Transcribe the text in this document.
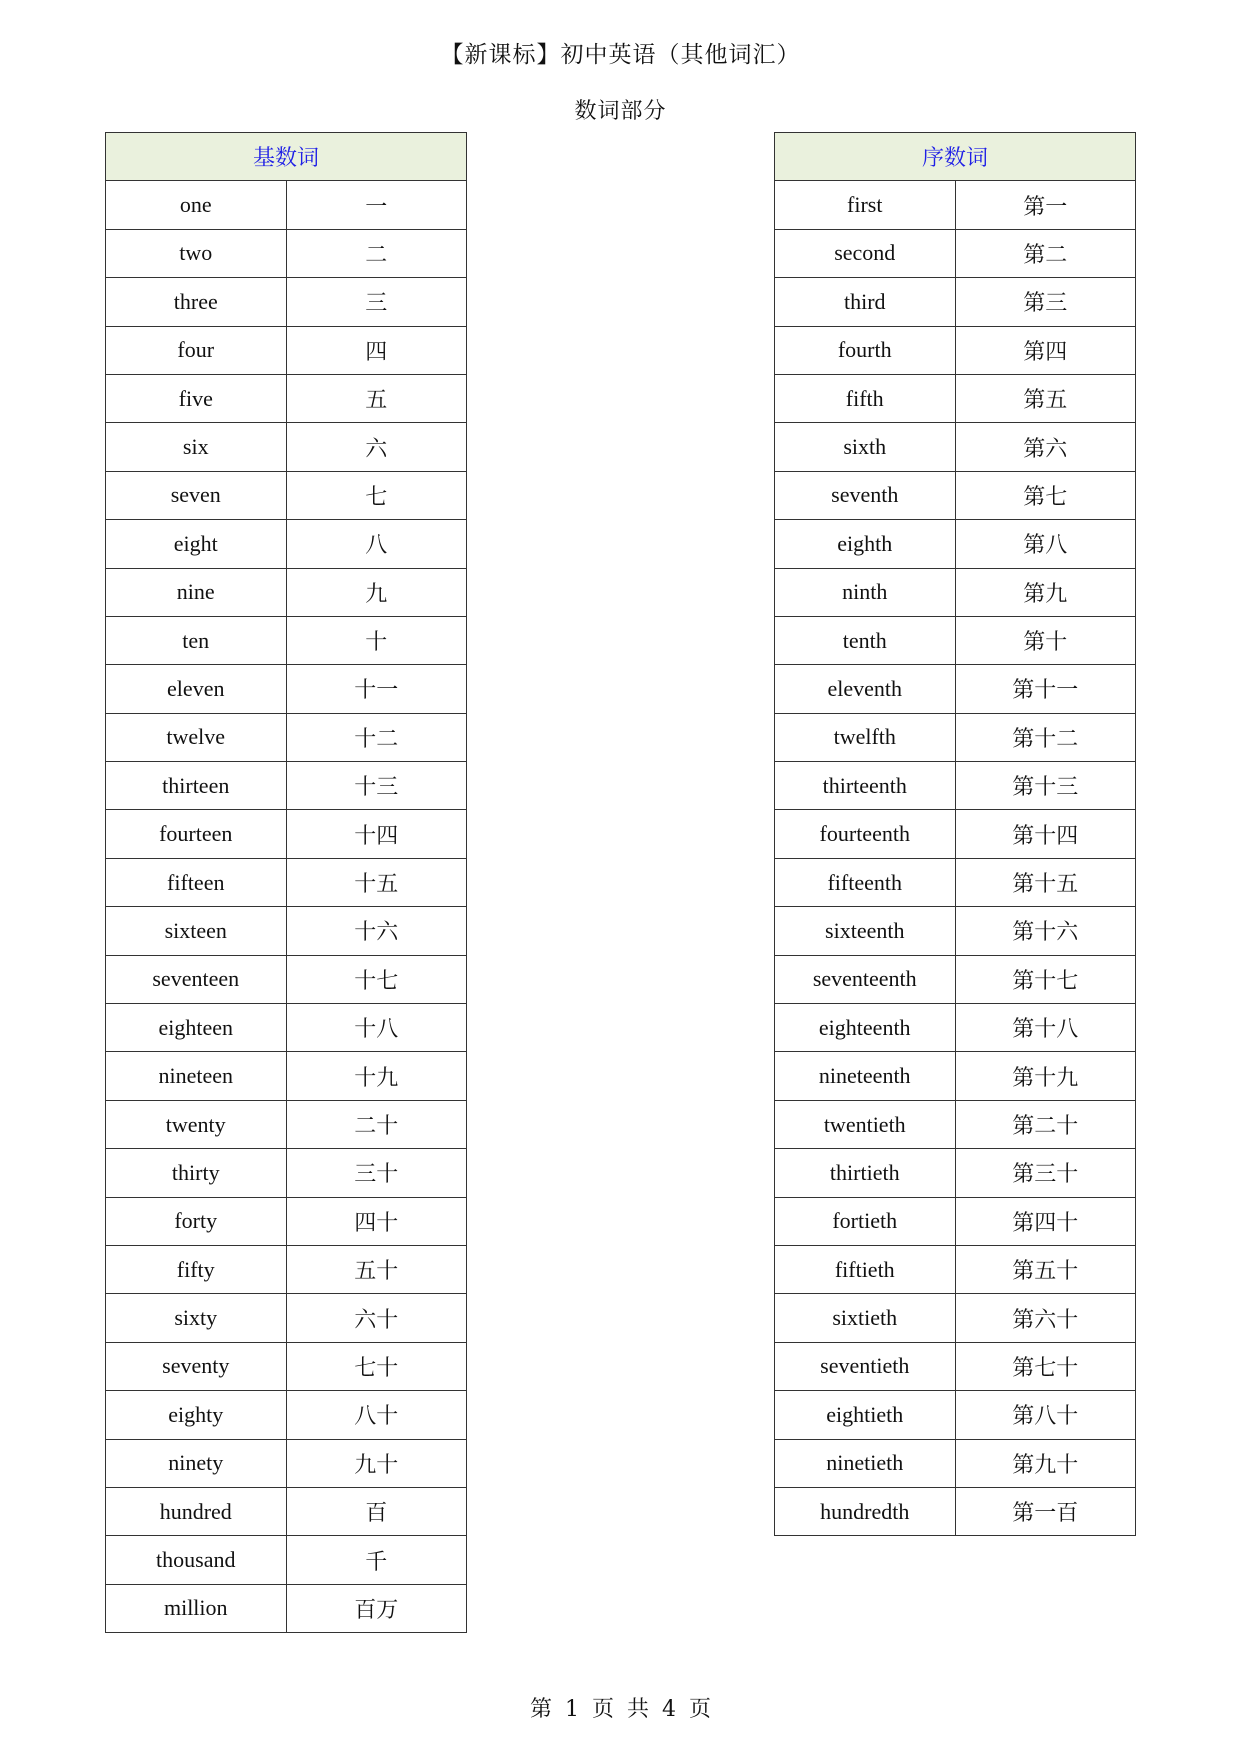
【新课标】初中英语（其他词汇）
数词部分
基数词	
one	一
two	二
three	三
four	四
five	五
six	六
seven	七
eight	八
nine	九
ten	十
eleven	十一
twelve	十二
thirteen	十三
fourteen	十四
fifteen	十五
sixteen	十六
seventeen	十七
eighteen	十八
nineteen	十九
twenty	二十
thirty	三十
forty	四十
fifty	五十
sixty	六十
seventy	七十
eighty	八十
ninety	九十
hundred	百
thousand	千
million	百万
序数词	
first	第一
second	第二
third	第三
fourth	第四
fifth	第五
sixth	第六
seventh	第七
eighth	第八
ninth	第九
tenth	第十
eleventh	第十一
twelfth	第十二
thirteenth	第十三
fourteenth	第十四
fifteenth	第十五
sixteenth	第十六
seventeenth	第十七
eighteenth	第十八
nineteenth	第十九
twentieth	第二十
thirtieth	第三十
fortieth	第四十
fiftieth	第五十
sixtieth	第六十
seventieth	第七十
eightieth	第八十
ninetieth	第九十
hundredth	第一百
第 1 页 共 4 页
